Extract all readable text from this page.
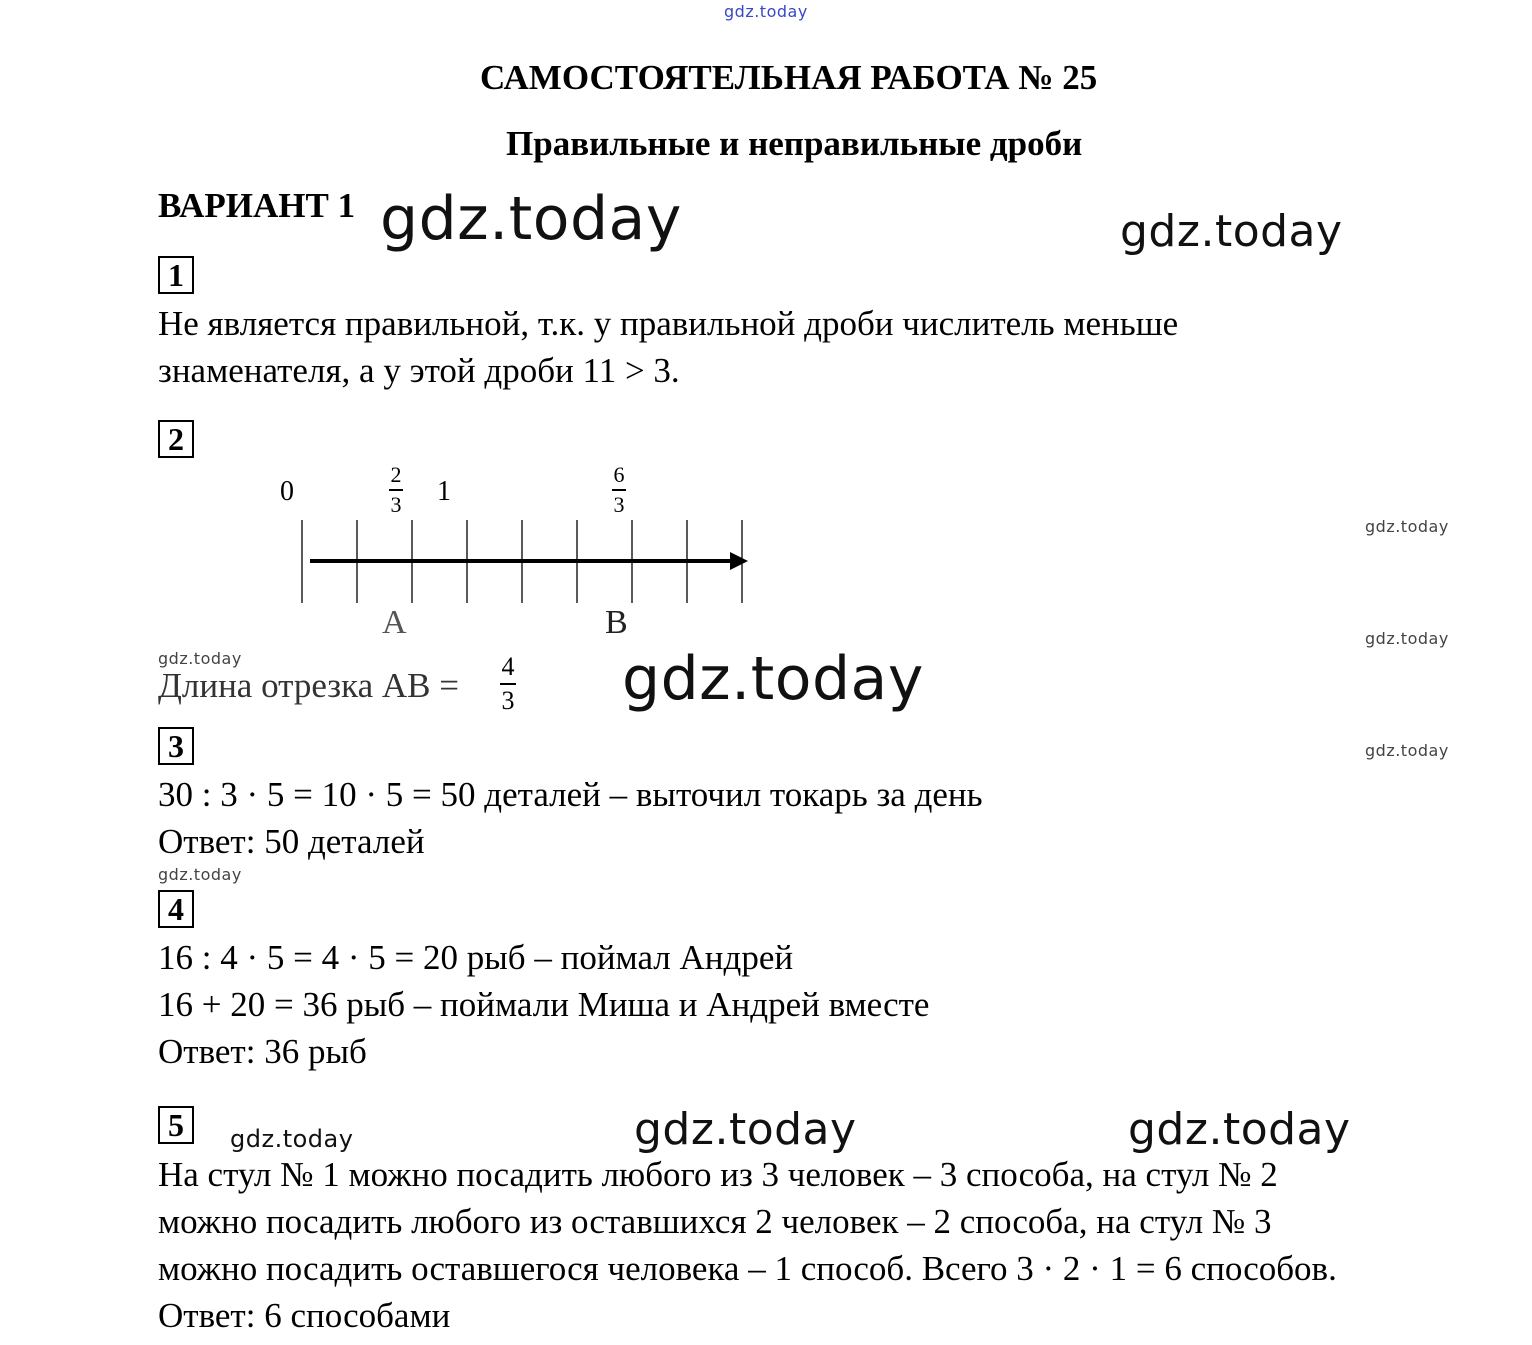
gdz.today
САМОСТОЯТЕЛЬНАЯ РАБОТА № 25
Правильные и неправильные дроби
ВАРИАНТ 1 gdz.today	gdz.today
1
Не является правильной, т.к. у правильной дроби числитель меньше
знаменателя, а у этой дроби 11 > 3.
2
0	1
2
3
6
3
A	B
gdz.today
gdz.today
gdz.today
gdz.today
Длина отрезка АВ = 4
3 gdz.today
3
30 : 3 · 5 = 10 · 5 = 50 деталей – выточил токарь за день
Ответ: 50 деталей
gdz.today
4
16 : 4 · 5 = 4 · 5 = 20 рыб – поймал Андрей
16 + 20 = 36 рыб – поймали Миша и Андрей вместе
Ответ: 36 рыб
5	gdz.today	gdz.today	gdz.today
На стул № 1 можно посадить любого из 3 человек – 3 способа, на стул № 2
можно посадить любого из оставшихся 2 человек – 2 способа, на стул № 3
можно посадить оставшегося человека – 1 способ. Всего 3 · 2 · 1 = 6 способов.
Ответ: 6 способами
